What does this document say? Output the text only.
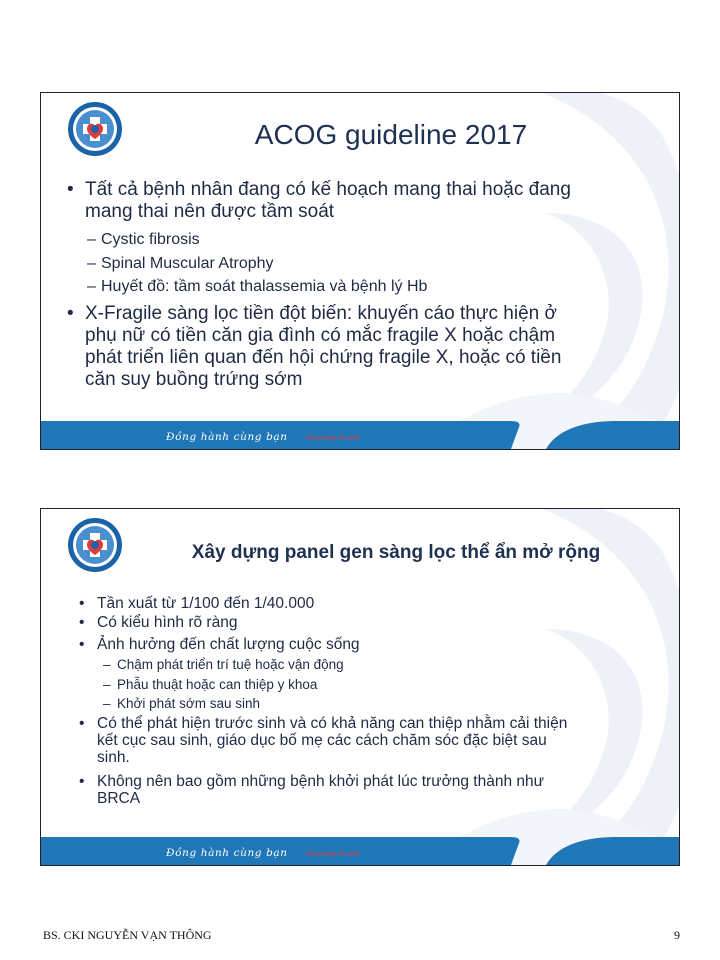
ACOG guideline 2017
• Tất cả bệnh nhân đang có kế hoạch mang thai hoặc đang
mang thai nên được tầm soát
– Cystic fibrosis
– Spinal Muscular Atrophy
– Huyết đồ: tầm soát thalassemia và bệnh lý Hb
• X-Fragile sàng lọc tiền đột biến: khuyến cáo thực hiện ở
phụ nữ có tiền căn gia đình có mắc fragile X hoặc chậm
phát triển liên quan đến hội chứng fragile X, hoặc có tiền
căn suy buồng trứng sớm
Đồng hành cùng bạn	Vượt qua vô sinh
Xây dựng panel gen sàng lọc thể ẩn mở rộng
• Tần xuất từ 1/100 đến 1/40.000
• Có kiểu hình rõ ràng
• Ảnh hưởng đến chất lượng cuộc sống
– Chậm phát triển trí tuệ hoặc vận động
– Phẫu thuật hoặc can thiệp y khoa
– Khởi phát sớm sau sinh
• Có thể phát hiện trước sinh và có khả năng can thiệp nhằm cải thiện
kết cục sau sinh, giáo dục bố mẹ các cách chăm sóc đặc biệt sau
sinh.
• Không nên bao gồm những bệnh khởi phát lúc trưởng thành như
BRCA
Đồng hành cùng bạn	Vượt qua vô sinh
BS. CKI NGUYỄN VẠN THÔNG	9
